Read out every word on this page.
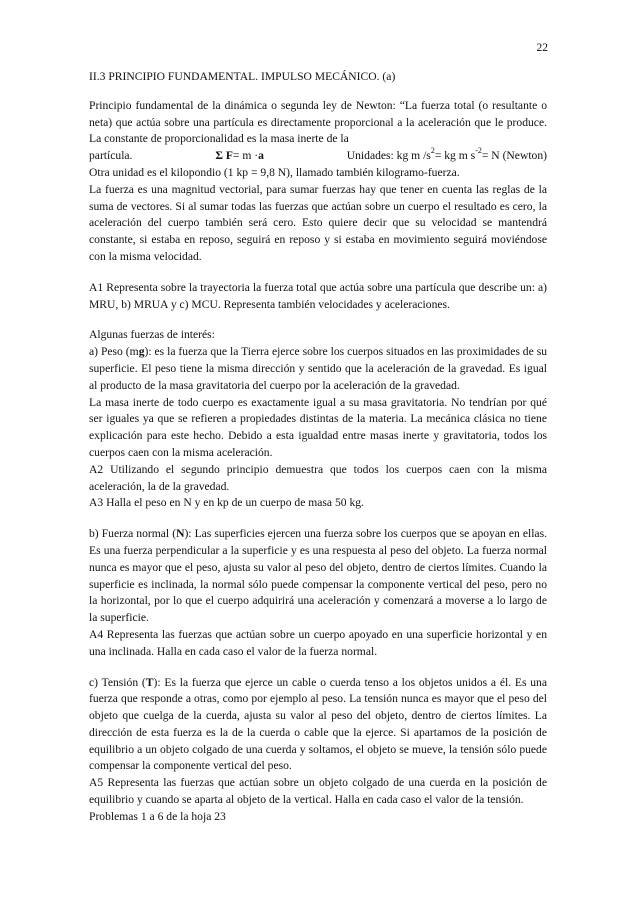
22

II.3 PRINCIPIO FUNDAMENTAL. IMPULSO MECÁNICO. (a)

Principio fundamental de la dinámica o segunda ley de Newton: “La fuerza total (o resultante o neta) que actúa sobre una partícula es directamente proporcional a la aceleración que le produce. La constante de proporcionalidad es la masa inerte de la

partícula.	Σ F= m ·a	Unidades: kg m $/s^2=$ kg m $s^{-2}= N$ (Newton)

Otra unidad es el kilopondio (1 kp = 9,8 N), llamado también kilogramo-fuerza.

La fuerza es una magnitud vectorial, para sumar fuerzas hay que tener en cuenta las reglas de la suma de vectores. Si al sumar todas las fuerzas que actúan sobre un cuerpo el resultado es cero, la aceleración del cuerpo también será cero. Esto quiere decir que su velocidad se mantendrá constante, si estaba en reposo, seguirá en reposo y si estaba en movimiento seguirá moviéndose con la misma velocidad.

A1 Representa sobre la trayectoria la fuerza total que actúa sobre una partícula que describe un: a) MRU, b) MRUA y c) MCU. Representa también velocidades y aceleraciones.

Algunas fuerzas de interés:

a) Peso (mg): es la fuerza que la Tierra ejerce sobre los cuerpos situados en las proximidades de su superficie. El peso tiene la misma dirección y sentido que la aceleración de la gravedad. Es igual al producto de la masa gravitatoria del cuerpo por la aceleración de la gravedad.

La masa inerte de todo cuerpo es exactamente igual a su masa gravitatoria. No tendrían por qué ser iguales ya que se refieren a propiedades distintas de la materia. La mecánica clásica no tiene explicación para este hecho. Debido a esta igualdad entre masas inerte y gravitatoria, todos los cuerpos caen con la misma aceleración.

A2 Utilizando el segundo principio demuestra que todos los cuerpos caen con la misma aceleración, la de la gravedad.

A3 Halla el peso en N y en kp de un cuerpo de masa 50 kg.

b) Fuerza normal (N): Las superficies ejercen una fuerza sobre los cuerpos que se apoyan en ellas. Es una fuerza perpendicular a la superficie y es una respuesta al peso del objeto. La fuerza normal nunca es mayor que el peso, ajusta su valor al peso del objeto, dentro de ciertos límites. Cuando la superficie es inclinada, la normal sólo puede compensar la componente vertical del peso, pero no la horizontal, por lo que el cuerpo adquirirá una aceleración y comenzará a moverse a lo largo de la superficie.

A4 Representa las fuerzas que actúan sobre un cuerpo apoyado en una superficie horizontal y en una inclinada. Halla en cada caso el valor de la fuerza normal.

c) Tensión (T): Es la fuerza que ejerce un cable o cuerda tenso a los objetos unidos a él. Es una fuerza que responde a otras, como por ejemplo al peso. La tensión nunca es mayor que el peso del objeto que cuelga de la cuerda, ajusta su valor al peso del objeto, dentro de ciertos límites. La dirección de esta fuerza es la de la cuerda o cable que la ejerce. Si apartamos de la posición de equilibrio a un objeto colgado de una cuerda y soltamos, el objeto se mueve, la tensión sólo puede compensar la componente vertical del peso.

A5 Representa las fuerzas que actúan sobre un objeto colgado de una cuerda en la posición de equilibrio y cuando se aparta al objeto de la vertical. Halla en cada caso el valor de la tensión.

Problemas 1 a 6 de la hoja 23
